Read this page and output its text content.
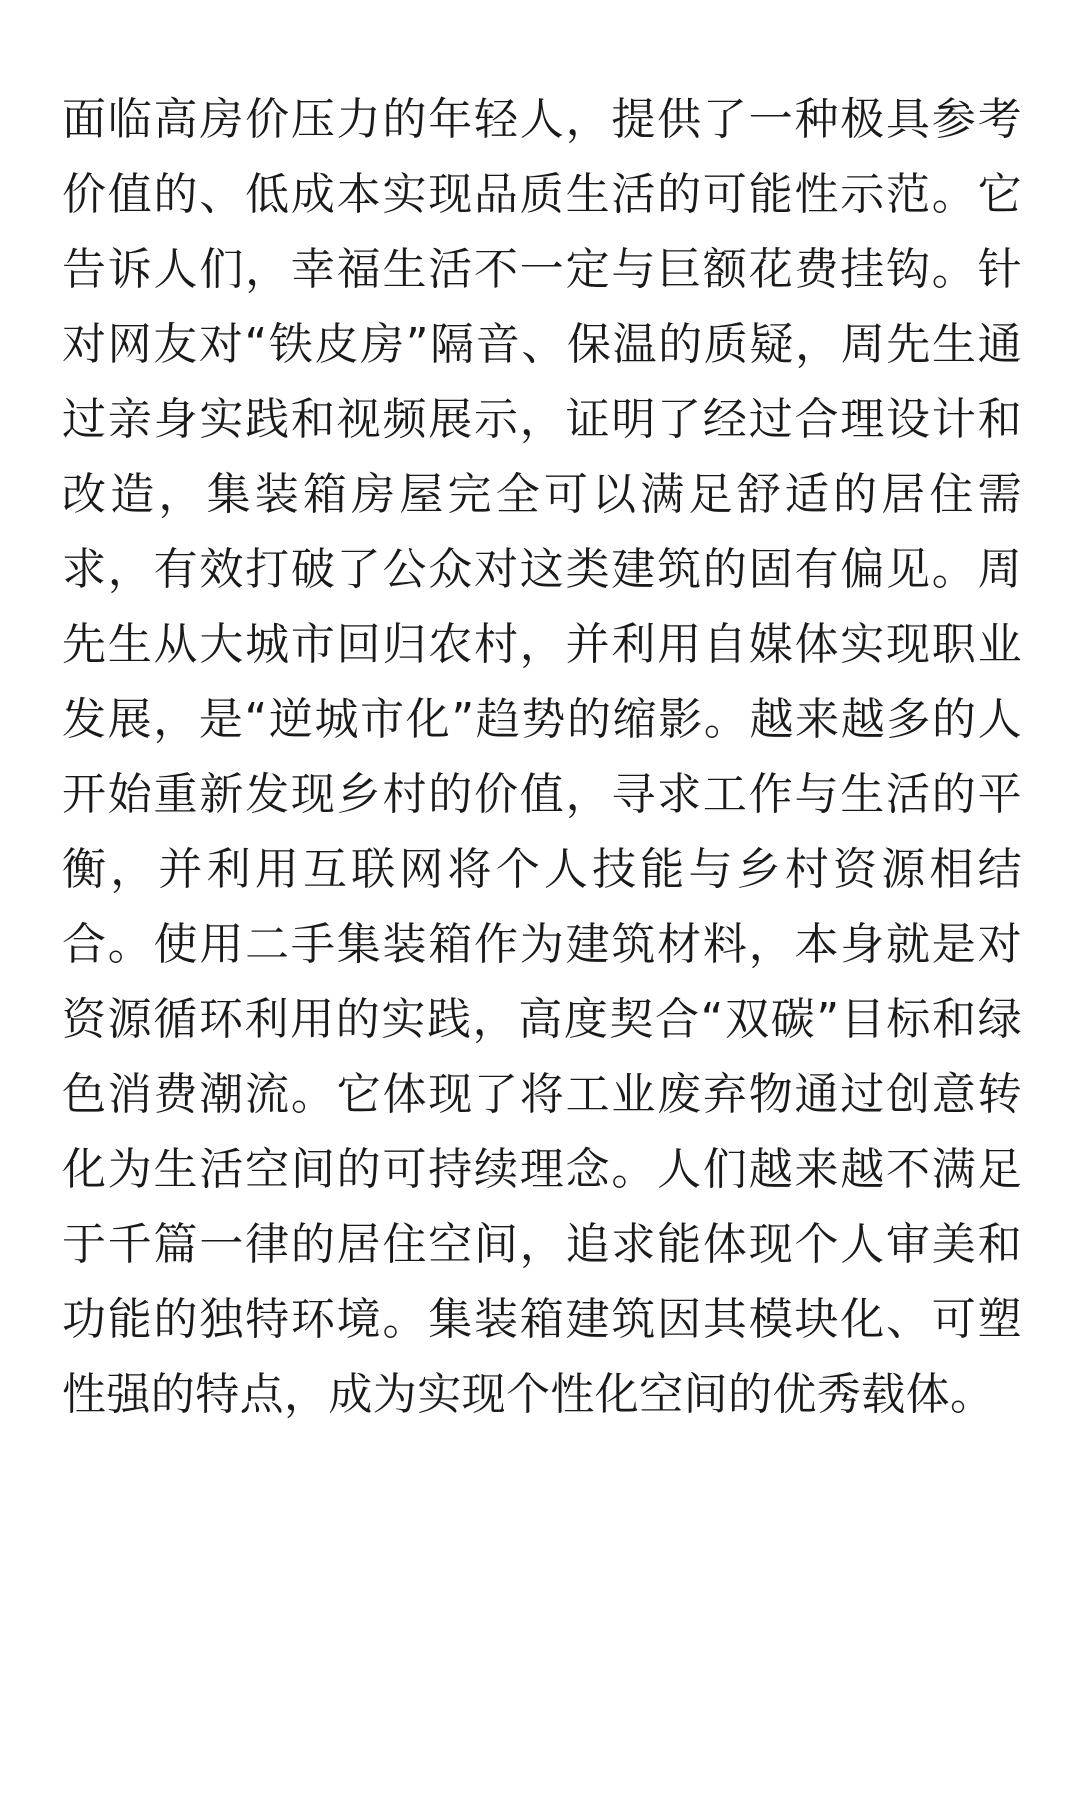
面临高房价压力的年轻人，提供了一种极具参考价值的、低成本实现品质生活的可能性示范。它告诉人们，幸福生活不一定与巨额花费挂钩。针对网友对“铁皮房”隔音、保温的质疑，周先生通过亲身实践和视频展示，证明了经过合理设计和改造，集装箱房屋完全可以满足舒适的居住需求，有效打破了公众对这类建筑的固有偏见。周先生从大城市回归农村，并利用自媒体实现职业发展，是“逆城市化”趋势的缩影。越来越多的人开始重新发现乡村的价值，寻求工作与生活的平衡，并利用互联网将个人技能与乡村资源相结合。使用二手集装箱作为建筑材料，本身就是对资源循环利用的实践，高度契合“双碳”目标和绿色消费潮流。它体现了将工业废弃物通过创意转化为生活空间的可持续理念。人们越来越不满足于千篇一律的居住空间，追求能体现个人审美和功能的独特环境。集装箱建筑因其模块化、可塑性强的特点，成为实现个性化空间的优秀载体。
